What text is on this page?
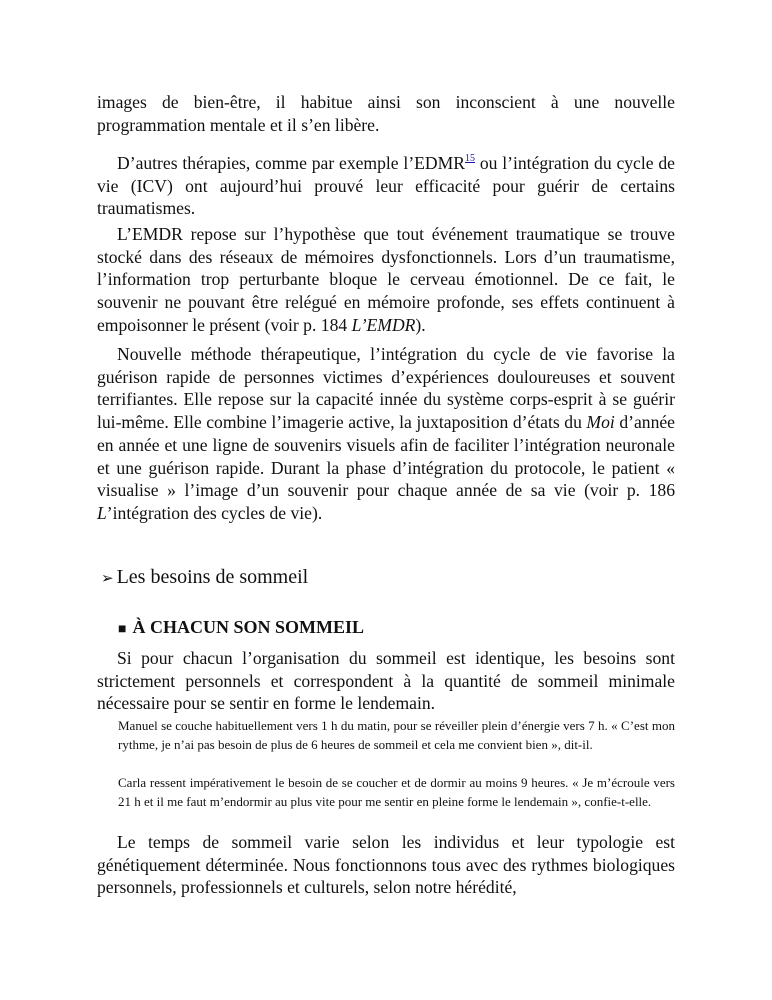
images de bien-être, il habitue ainsi son inconscient à une nouvelle programmation mentale et il s’en libère.

D’autres thérapies, comme par exemple l’EDMR$^{15}$ ou l’intégration du cycle de vie (ICV) ont aujourd’hui prouvé leur efficacité pour guérir de certains traumatismes.

L’EMDR repose sur l’hypothèse que tout événement traumatique se trouve stocké dans des réseaux de mémoires dysfonctionnels. Lors d’un traumatisme, l’information trop perturbante bloque le cerveau émotionnel. De ce fait, le souvenir ne pouvant être relégué en mémoire profonde, ses effets continuent à empoisonner le présent (voir p. 184 L’EMDR).

Nouvelle méthode thérapeutique, l’intégration du cycle de vie favorise la guérison rapide de personnes victimes d’expériences douloureuses et souvent terrifiantes. Elle repose sur la capacité innée du système corps-esprit à se guérir lui-même. Elle combine l’imagerie active, la juxtaposition d’états du Moi d’année en année et une ligne de souvenirs visuels afin de faciliter l’intégration neuronale et une guérison rapide. Durant la phase d’intégration du protocole, le patient « visualise » l’image d’un souvenir pour chaque année de sa vie (voir p. 186 L’intégration des cycles de vie).

➢ Les besoins de sommeil
■ À CHACUN SON SOMMEIL

Si pour chacun l’organisation du sommeil est identique, les besoins sont strictement personnels et correspondent à la quantité de sommeil minimale nécessaire pour se sentir en forme le lendemain.

Manuel se couche habituellement vers 1 h du matin, pour se réveiller plein d’énergie vers 7 h. « C’est mon rythme, je n’ai pas besoin de plus de 6 heures de sommeil et cela me convient bien », dit-il.

Carla ressent impérativement le besoin de se coucher et de dormir au moins 9 heures. « Je m’écroule vers 21 h et il me faut m’endormir au plus vite pour me sentir en pleine forme le lendemain », confie-t-elle.

Le temps de sommeil varie selon les individus et leur typologie est génétiquement déterminée. Nous fonctionnons tous avec des rythmes biologiques personnels, professionnels et culturels, selon notre hérédité,
